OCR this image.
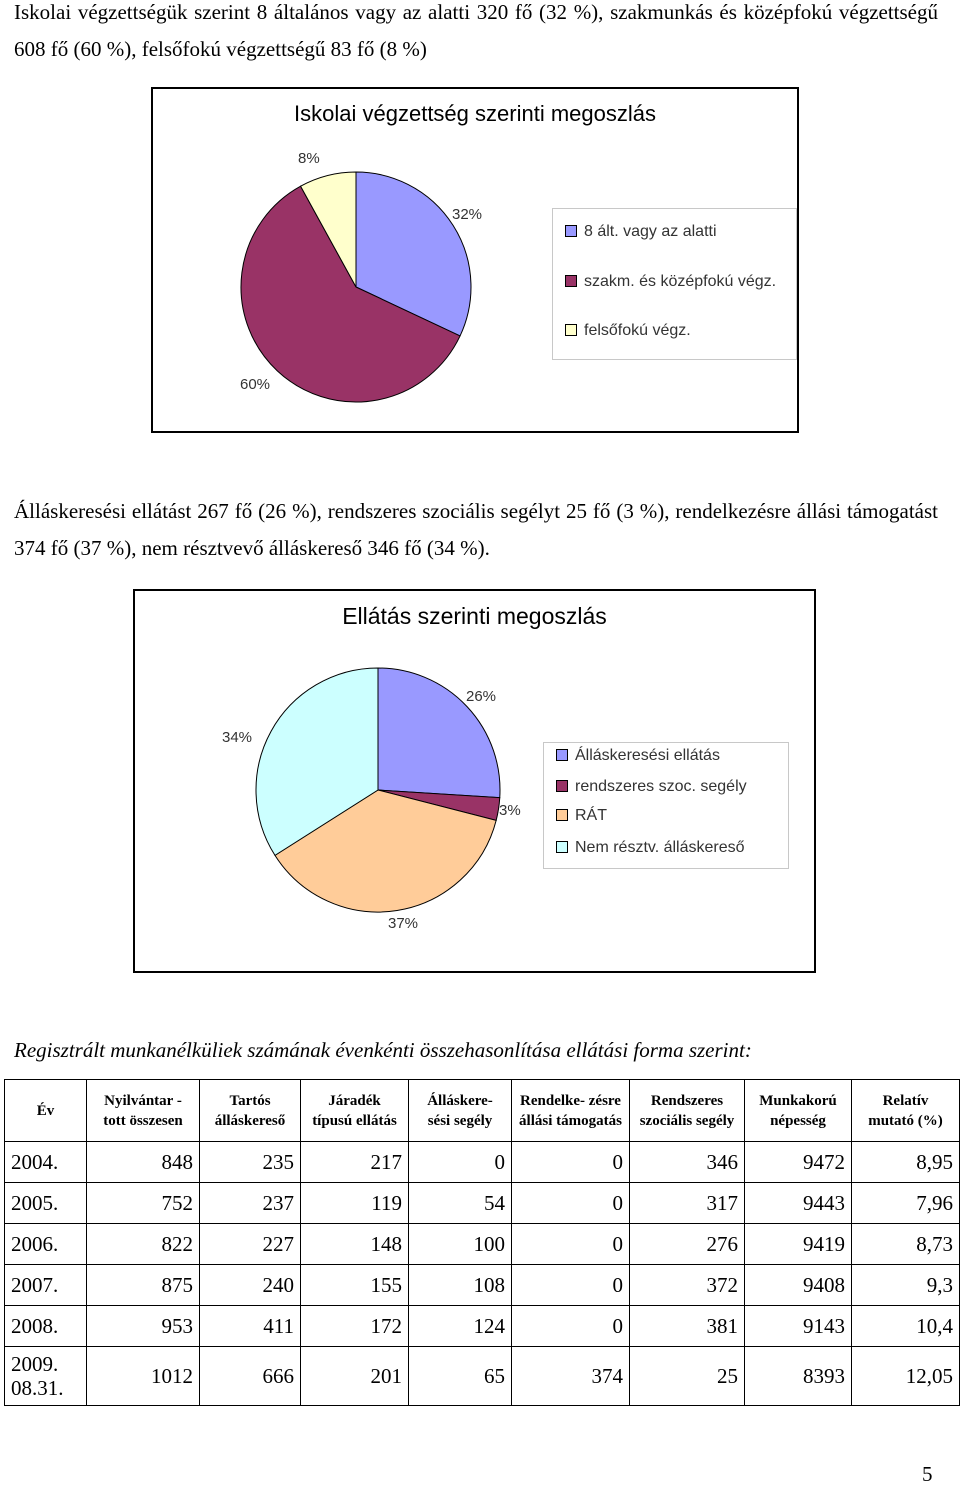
Iskolai végzettségük szerint 8 általános vagy az alatti 320 fő (32 %), szakmunkás és középfokú végzettségű 608 fő (60 %), felsőfokú végzettségű 83 fő (8 %)
Iskolai végzettség szerinti megoszlás
8%
32%
60%
8 ált. vagy az alatti
szakm. és középfokú végz.
felsőfokú végz.
Álláskeresési ellátást 267 fő (26 %), rendszeres szociális segélyt 25 fő (3 %), rendelkezésre állási támogatást 374 fő (37 %), nem résztvevő álláskereső 346 fő (34 %).
Ellátás szerinti megoszlás
26%
34%
3%
37%
Álláskeresési ellátás
rendszeres szoc. segély
RÁT
Nem résztv. álláskereső
Regisztrált munkanélküliek számának évenkénti összehasonlítása ellátási forma szerint:
Év	Nyilvántar -tott összesen	Tartós álláskereső	Járadék típusú ellátás	Álláskere- sési segély	Rendelke- zésre állási támogatás	Rendszeres szociális segély	Munkakorú népesség	Relatív mutató (%)
2004.	848	235	217	0	0	346	9472	8,95
2005.	752	237	119	54	0	317	9443	7,96
2006.	822	227	148	100	0	276	9419	8,73
2007.	875	240	155	108	0	372	9408	9,3
2008.	953	411	172	124	0	381	9143	10,4
2009. 08.31.	1012	666	201	65	374	25	8393	12,05
5
